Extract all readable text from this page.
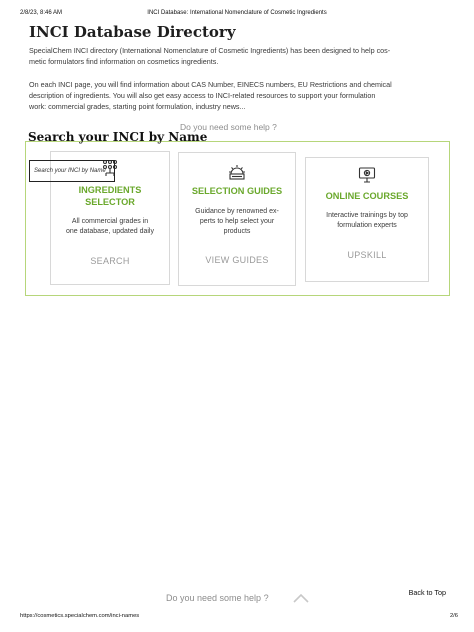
2/8/23, 8:46 AM	INCI Database: International Nomenclature of Cosmetic Ingredients
INCI Database Directory
SpecialChem INCI directory (International Nomenclature of Cosmetic Ingredients) has been designed to help cos-
metic formulators find information on cosmetics ingredients.
On each INCI page, you will find information about CAS Number, EINECS numbers, EU Restrictions and chemical
description of ingredients. You will also get easy access to INCI-related resources to support your formulation
work: commercial grades, starting point formulation, industry news...
Do you need some help ?
Search your INCI by Name
INGREDIENTS SELECTOR
All commercial grades in
one database, updated daily
SEARCH
SELECTION GUIDES
Guidance by renowned ex-
perts to help select your
products
VIEW GUIDES
ONLINE COURSES
Interactive trainings by top
formulation experts
UPSKILL
Search your INCI by Name
Do you need some help ?
Back to Top
https://cosmetics.specialchem.com/inci-names	2/6
